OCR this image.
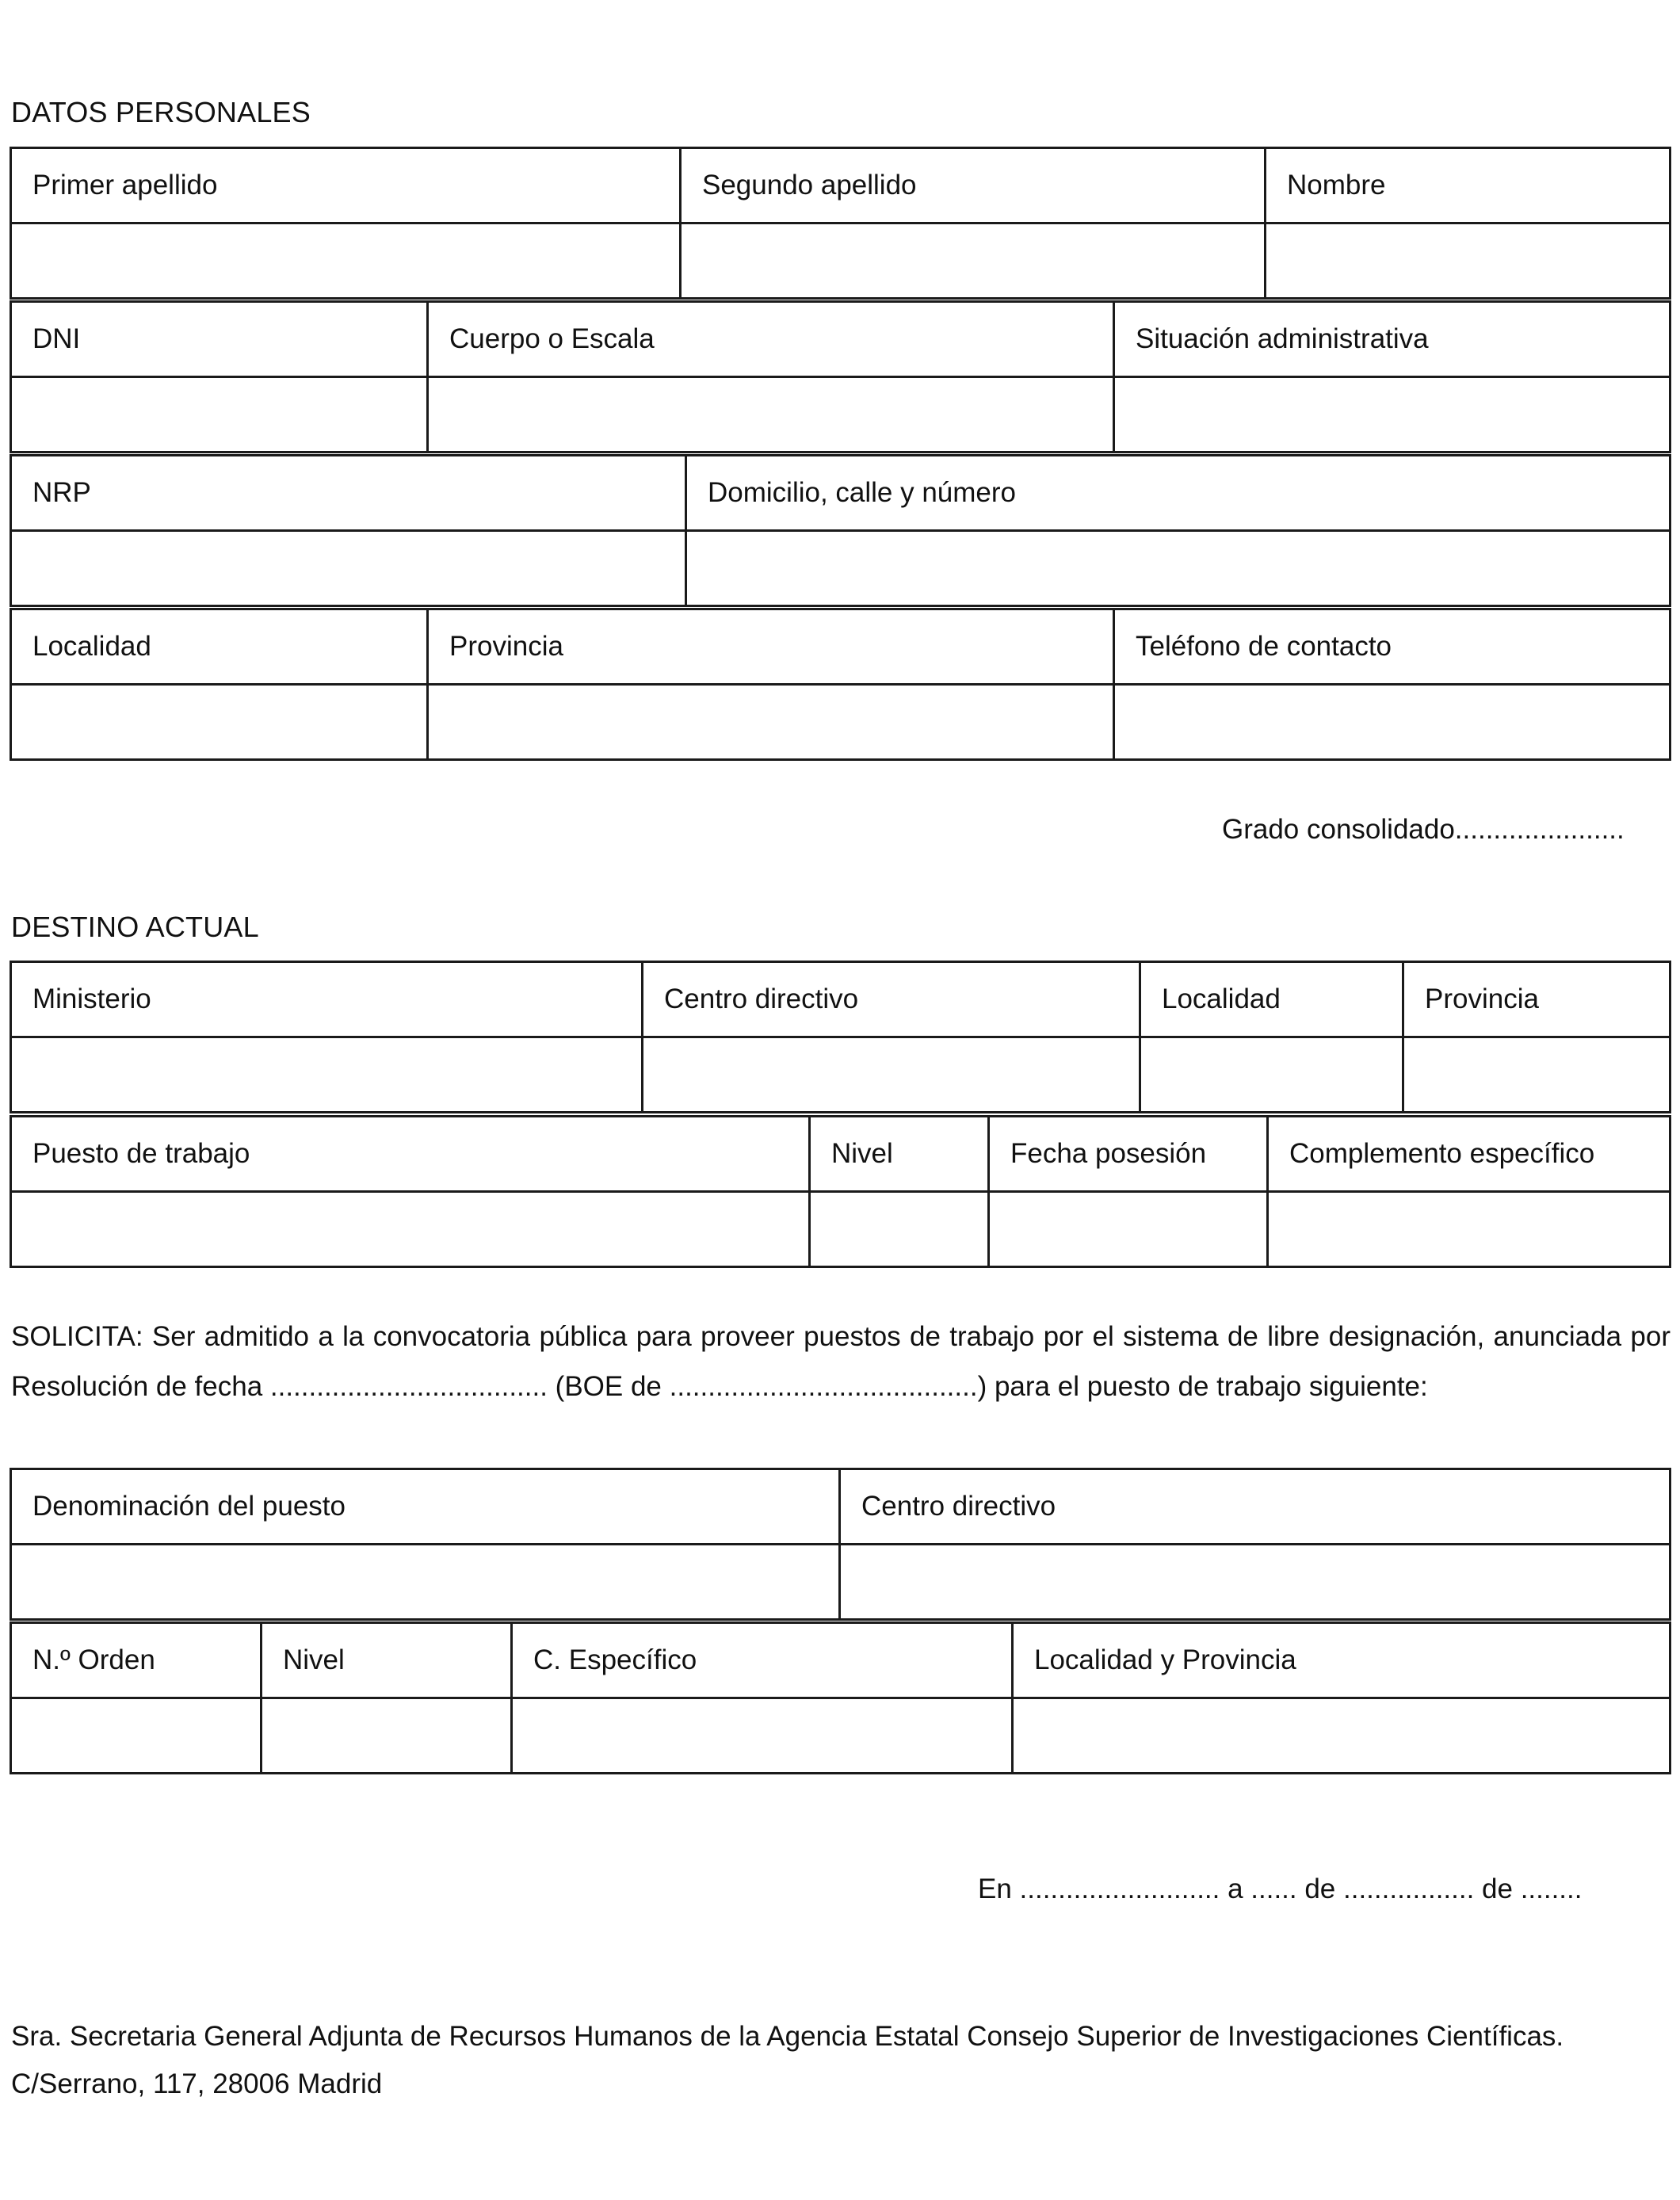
DATOS PERSONALES
Primer apellido	Segundo apellido	Nombre

DNI	Cuerpo o Escala	Situación administrativa

NRP	Domicilio, calle y número

Localidad	Provincia	Teléfono de contacto

Grado consolidado......................
DESTINO ACTUAL
Ministerio	Centro directivo	Localidad	Provincia

Puesto de trabajo	Nivel	Fecha posesión	Complemento específico

SOLICITA: Ser admitido a la convocatoria pública para proveer puestos de trabajo por el sistema de libre designación, anunciada por Resolución de fecha .................................... (BOE de ........................................) para el puesto de trabajo siguiente:
Denominación del puesto	Centro directivo

N.º Orden	Nivel	C. Específico	Localidad y Provincia

En .......................... a ...... de ................. de ........
Sra. Secretaria General Adjunta de Recursos Humanos de la Agencia Estatal Consejo Superior de Investigaciones Científicas.
C/Serrano, 117, 28006 Madrid
